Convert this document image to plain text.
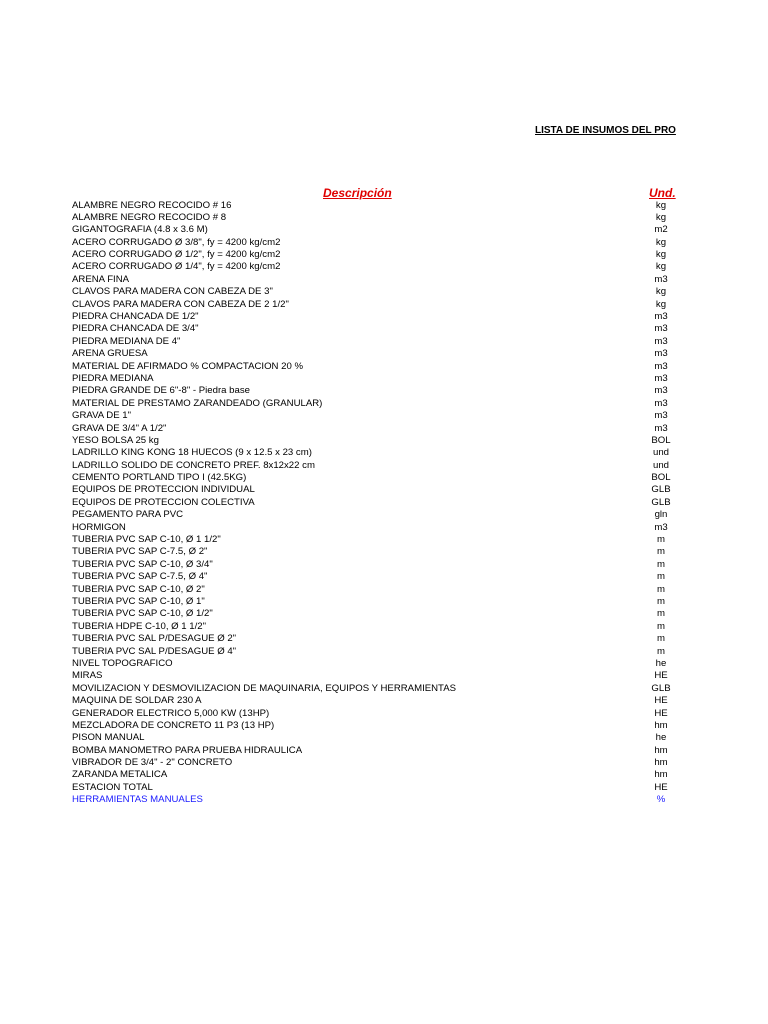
LISTA DE INSUMOS DEL PRO
Descripción	Und.
ALAMBRE NEGRO RECOCIDO # 16	kg
ALAMBRE NEGRO RECOCIDO # 8	kg
GIGANTOGRAFIA (4.8 x 3.6 M)	m2
ACERO CORRUGADO Ø 3/8", fy = 4200 kg/cm2	kg
ACERO CORRUGADO Ø 1/2", fy = 4200 kg/cm2	kg
ACERO CORRUGADO Ø 1/4", fy = 4200 kg/cm2	kg
ARENA FINA	m3
CLAVOS PARA MADERA CON CABEZA DE 3"	kg
CLAVOS PARA MADERA CON CABEZA DE 2 1/2"	kg
PIEDRA CHANCADA DE 1/2"	m3
PIEDRA CHANCADA DE 3/4"	m3
PIEDRA MEDIANA DE 4"	m3
ARENA GRUESA	m3
MATERIAL DE AFIRMADO % COMPACTACION 20 %	m3
PIEDRA MEDIANA	m3
PIEDRA GRANDE DE 6"-8" - Piedra base	m3
MATERIAL DE PRESTAMO ZARANDEADO (GRANULAR)	m3
GRAVA DE 1"	m3
GRAVA DE 3/4" A 1/2"	m3
YESO BOLSA 25 kg	BOL
LADRILLO KING KONG 18 HUECOS (9 x 12.5 x 23 cm)	und
LADRILLO SOLIDO DE CONCRETO PREF. 8x12x22 cm	und
CEMENTO PORTLAND TIPO I (42.5KG)	BOL
EQUIPOS DE PROTECCION INDIVIDUAL	GLB
EQUIPOS DE PROTECCION COLECTIVA	GLB
PEGAMENTO PARA PVC	gln
HORMIGON	m3
TUBERIA PVC SAP C-10, Ø 1 1/2"	m
TUBERIA PVC SAP C-7.5, Ø 2"	m
TUBERIA PVC SAP C-10, Ø 3/4"	m
TUBERIA PVC SAP C-7.5, Ø 4"	m
TUBERIA PVC SAP C-10, Ø 2"	m
TUBERIA PVC SAP C-10, Ø 1"	m
TUBERIA PVC SAP C-10, Ø 1/2"	m
TUBERIA HDPE C-10, Ø 1 1/2"	m
TUBERIA PVC SAL P/DESAGUE Ø 2"	m
TUBERIA PVC SAL P/DESAGUE Ø 4"	m
NIVEL TOPOGRAFICO	he
MIRAS	HE
MOVILIZACION Y DESMOVILIZACION DE MAQUINARIA, EQUIPOS Y HERRAMIENTAS	GLB
MAQUINA DE SOLDAR 230 A	HE
GENERADOR ELECTRICO 5,000 KW (13HP)	HE
MEZCLADORA DE CONCRETO 11 P3 (13 HP)	hm
PISON MANUAL	he
BOMBA MANOMETRO PARA PRUEBA HIDRAULICA	hm
VIBRADOR DE 3/4" - 2" CONCRETO	hm
ZARANDA METALICA	hm
ESTACION TOTAL	HE
HERRAMIENTAS MANUALES	%
